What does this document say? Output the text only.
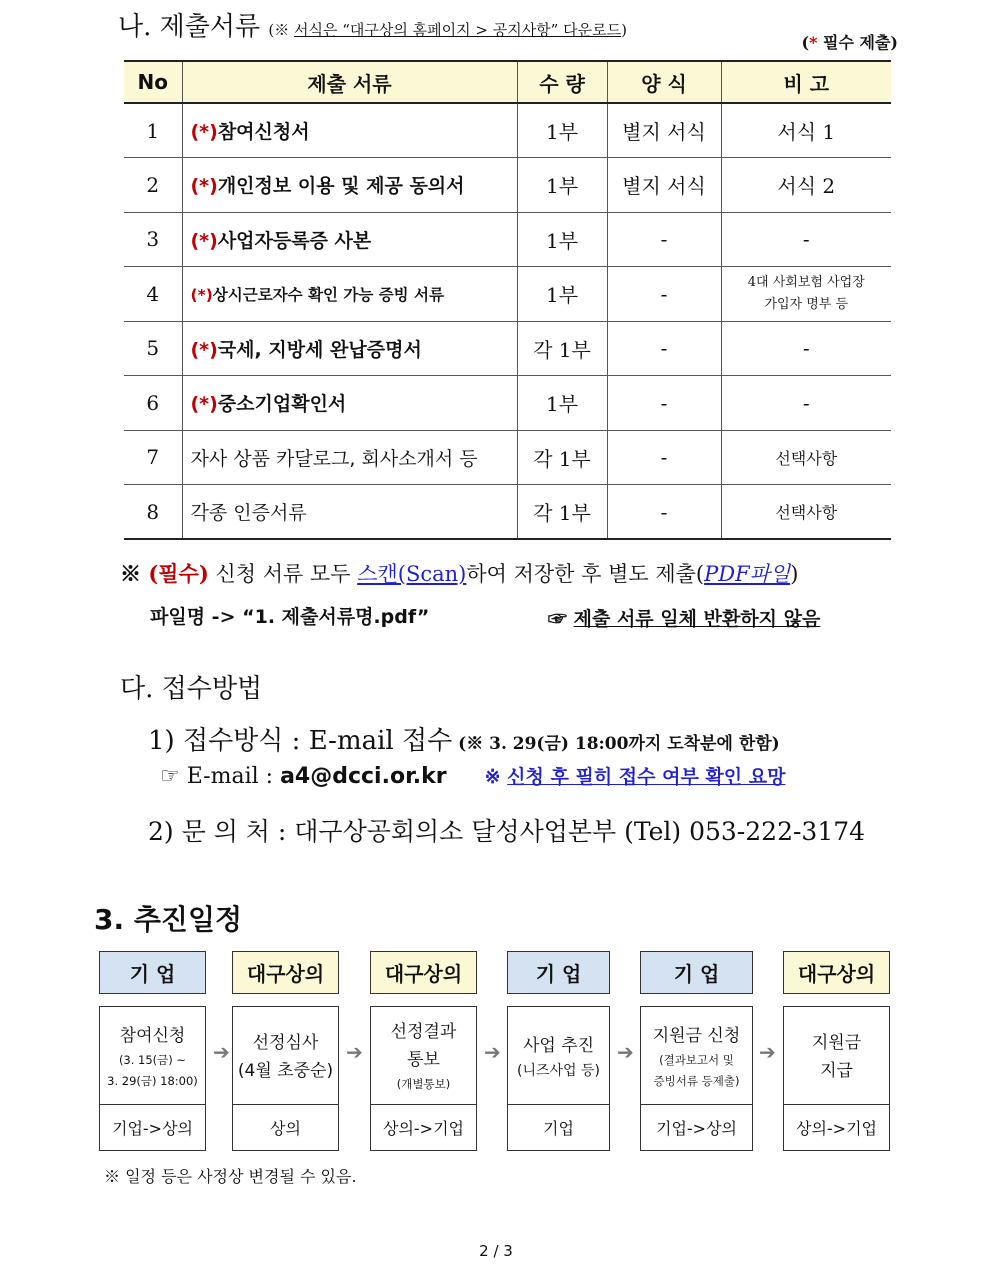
나. 제출서류 (※ 서식은 “대구상의 홈페이지 > 공지사항” 다운로드)
(* 필수 제출)
No	제출 서류	수 량	양 식	비 고
1	(*)참여신청서	1부	별지 서식	서식 1
2	(*)개인정보 이용 및 제공 동의서	1부	별지 서식	서식 2
3	(*)사업자등록증 사본	1부	-	-
4	(*)상시근로자수 확인 가능 증빙 서류	1부	-	4대 사회보험 사업장
가입자 명부 등

5	(*)국세, 지방세 완납증명서	각 1부	-	-
6	(*)중소기업확인서	1부	-	-
7	자사 상품 카달로그, 회사소개서 등	각 1부	-	선택사항
8	각종 인증서류	각 1부	-	선택사항
※ (필수) 신청 서류 모두 스캔(Scan)하여 저장한 후 별도 제출(PDF파일)
파일명 -> “1. 제출서류명.pdf”	☞ 제출 서류 일체 반환하지 않음
다. 접수방법
1) 접수방식 : E-mail 접수 (※ 3. 29(금) 18:00까지 도착분에 한함)
☞ E-mail : a4@dcci.or.kr ※ 신청 후 필히 접수 여부 확인 요망
2) 문 의 처 : 대구상공회의소 달성사업본부 (Tel) 053-222-3174
3. 추진일정
기 업	대구상의	대구상의	기 업	기 업	대구상의
참여신청
(3. 15(금) ~
3. 29(금) 18:00)
기업->상의
➔ 선정심사
(4월 초중순)
상의
➔
선정결과
통보
(개별통보)
상의->기업
➔ 사업 추진
(니즈사업 등)
기업
➔
지원금 신청
(결과보고서 및
증빙서류 등제출)
기업->상의
➔ 지원금
지급
상의->기업
※ 일정 등은 사정상 변경될 수 있음.
2 / 3
